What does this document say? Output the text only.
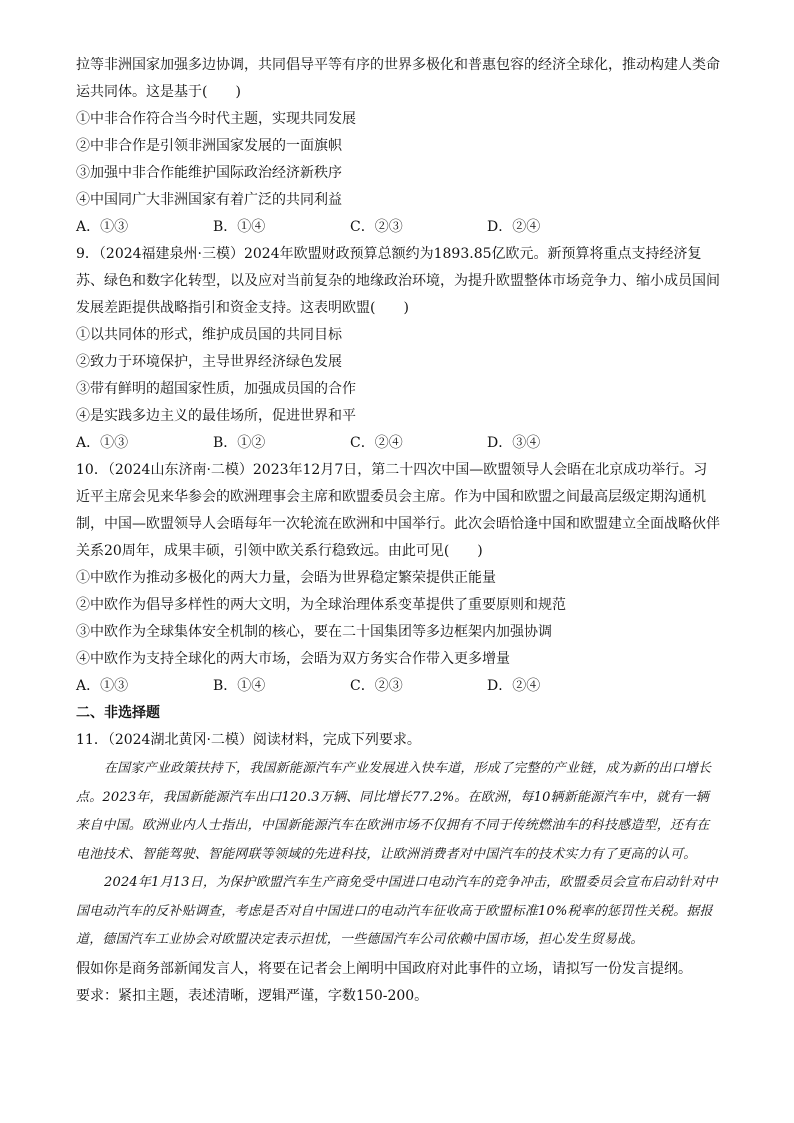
拉等非洲国家加强多边协调，共同倡导平等有序的世界多极化和普惠包容的经济全球化，推动构建人类命运共同体。这是基于(　　)
①中非合作符合当今时代主题，实现共同发展
②中非合作是引领非洲国家发展的一面旗帜
③加强中非合作能维护国际政治经济新秩序
④中国同广大非洲国家有着广泛的共同利益
A．①③	B．①④	C．②③	D．②④
9．（2024福建泉州·三模）2024年欧盟财政预算总额约为1893.85亿欧元。新预算将重点支持经济复苏、绿色和数字化转型，以及应对当前复杂的地缘政治环境，为提升欧盟整体市场竞争力、缩小成员国间发展差距提供战略指引和资金支持。这表明欧盟(　　)
①以共同体的形式，维护成员国的共同目标
②致力于环境保护，主导世界经济绿色发展
③带有鲜明的超国家性质，加强成员国的合作
④是实践多边主义的最佳场所，促进世界和平
A．①③	B．①②	C．②④	D．③④
10．（2024山东济南·二模）2023年12月7日，第二十四次中国—欧盟领导人会晤在北京成功举行。习近平主席会见来华参会的欧洲理事会主席和欧盟委员会主席。作为中国和欧盟之间最高层级定期沟通机制，中国—欧盟领导人会晤每年一次轮流在欧洲和中国举行。此次会晤恰逢中国和欧盟建立全面战略伙伴关系20周年，成果丰硕，引领中欧关系行稳致远。由此可见(　　)
①中欧作为推动多极化的两大力量，会晤为世界稳定繁荣提供正能量
②中欧作为倡导多样性的两大文明，为全球治理体系变革提供了重要原则和规范
③中欧作为全球集体安全机制的核心，要在二十国集团等多边框架内加强协调
④中欧作为支持全球化的两大市场，会晤为双方务实合作带入更多增量
A．①③	B．①④	C．②③	D．②④
二、非选择题
11．（2024湖北黄冈·二模）阅读材料，完成下列要求。

在国家产业政策扶持下，我国新能源汽车产业发展进入快车道，形成了完整的产业链，成为新的出口增长点。2023年，我国新能源汽车出口120.3万辆、同比增长77.2%。在欧洲，每10辆新能源汽车中，就有一辆来自中国。欧洲业内人士指出，中国新能源汽车在欧洲市场不仅拥有不同于传统燃油车的科技感造型，还有在电池技术、智能驾驶、智能网联等领域的先进科技，让欧洲消费者对中国汽车的技术实力有了更高的认可。

2024年1月13日，为保护欧盟汽车生产商免受中国进口电动汽车的竞争冲击，欧盟委员会宣布启动针对中国电动汽车的反补贴调查，考虑是否对自中国进口的电动汽车征收高于欧盟标准10%税率的惩罚性关税。据报道，德国汽车工业协会对欧盟决定表示担忧，一些德国汽车公司依赖中国市场，担心发生贸易战。

假如你是商务部新闻发言人，将要在记者会上阐明中国政府对此事件的立场，请拟写一份发言提纲。
要求：紧扣主题，表述清晰，逻辑严谨，字数150-200。
